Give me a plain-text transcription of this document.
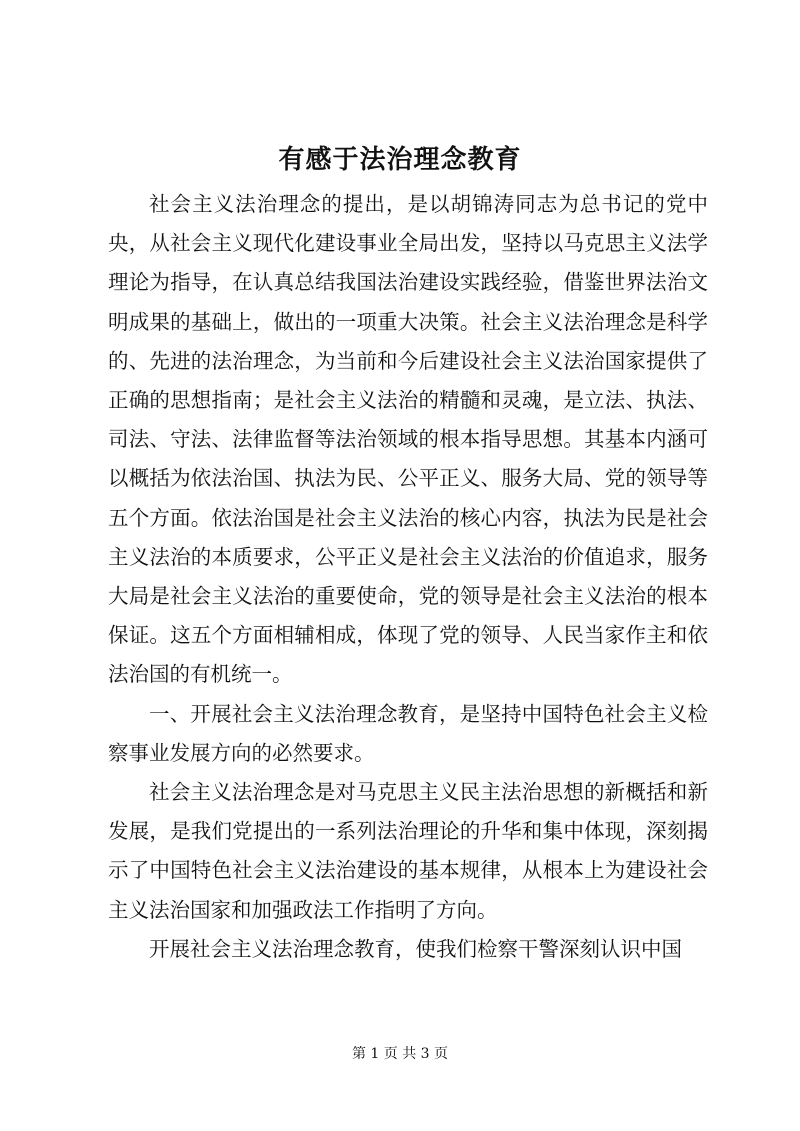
有感于法治理念教育

社会主义法治理念的提出，是以胡锦涛同志为总书记的党中央，从社会主义现代化建设事业全局出发，坚持以马克思主义法学理论为指导，在认真总结我国法治建设实践经验，借鉴世界法治文明成果的基础上，做出的一项重大决策。社会主义法治理念是科学的、先进的法治理念，为当前和今后建设社会主义法治国家提供了正确的思想指南；是社会主义法治的精髓和灵魂，是立法、执法、司法、守法、法律监督等法治领域的根本指导思想。其基本内涵可以概括为依法治国、执法为民、公平正义、服务大局、党的领导等五个方面。依法治国是社会主义法治的核心内容，执法为民是社会主义法治的本质要求，公平正义是社会主义法治的价值追求，服务大局是社会主义法治的重要使命，党的领导是社会主义法治的根本保证。这五个方面相辅相成，体现了党的领导、人民当家作主和依法治国的有机统一。

一、开展社会主义法治理念教育，是坚持中国特色社会主义检察事业发展方向的必然要求。

社会主义法治理念是对马克思主义民主法治思想的新概括和新发展，是我们党提出的一系列法治理论的升华和集中体现，深刻揭示了中国特色社会主义法治建设的基本规律，从根本上为建设社会主义法治国家和加强政法工作指明了方向。

开展社会主义法治理念教育，使我们检察干警深刻认识中国

第 1 页 共 3 页
